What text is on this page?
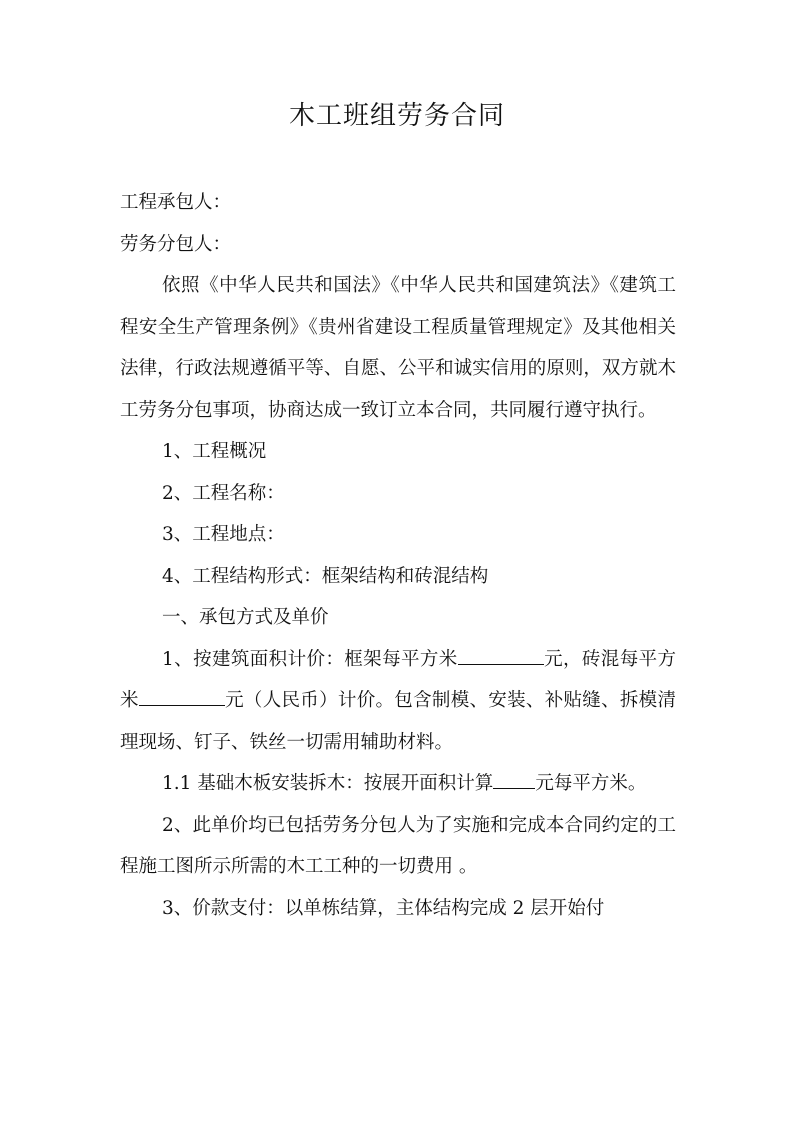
木工班组劳务合同

工程承包人：

劳务分包人：

依照《中华人民共和国法》《中华人民共和国建筑法》《建筑工程安全生产管理条例》《贵州省建设工程质量管理规定》及其他相关法律，行政法规遵循平等、自愿、公平和诚实信用的原则，双方就木工劳务分包事项，协商达成一致订立本合同，共同履行遵守执行。

1、工程概况

2、工程名称：

3、工程地点：

4、工程结构形式：框架结构和砖混结构

一、承包方式及单价

1、按建筑面积计价：框架每平方米	元，砖混每平方米	元（人民币）计价。包含制模、安装、补贴缝、拆模清理现场、钉子、铁丝一切需用辅助材料。

1.1 基础木板安装拆木：按展开面积计算 元每平方米。

2、此单价均已包括劳务分包人为了实施和完成本合同约定的工程施工图所示所需的木工工种的一切费用 。

3、价款支付：以单栋结算，主体结构完成 2 层开始付
